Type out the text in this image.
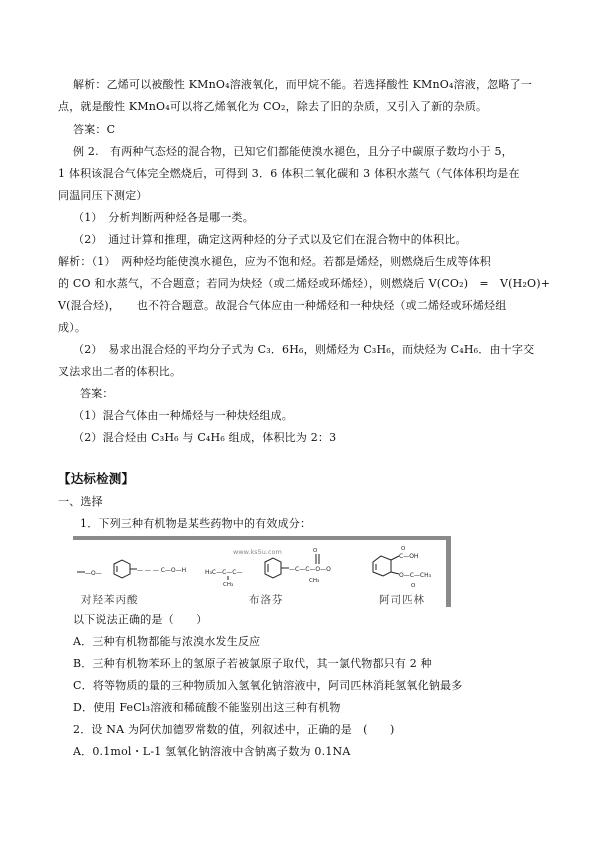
解析：乙烯可以被酸性 KMnO₄溶液氧化，而甲烷不能。若选择酸性 KMnO₄溶液，忽略了一
点，就是酸性 KMnO₄可以将乙烯氧化为 CO₂，除去了旧的杂质，又引入了新的杂质。
答案：C
例 2.　有两种气态烃的混合物，已知它们都能使溴水褪色，且分子中碳原子数均小于 5，
1 体积该混合气体完全燃烧后，可得到 3．6 体积二氧化碳和 3 体积水蒸气（气体体积均是在
同温同压下测定）
（1）　分析判断两种烃各是哪一类。
（2）　通过计算和推理，确定这两种烃的分子式以及它们在混合物中的体积比。
解析：（1）　两种烃均能使溴水褪色，应为不饱和烃。若都是烯烃，则燃烧后生成等体积
的 CO 和水蒸气，不合题意；若同为炔烃（或二烯烃或环烯烃），则燃烧后 V(CO₂)　=　V(H₂O)+
V(混合烃)，　　也不符合题意。故混合气体应由一种烯烃和一种炔烃（或二烯烃或环烯烃组
成）。
（2）　易求出混合烃的平均分子式为 C₃．6H₆，则烯烃为 C₃H₆，而炔烃为 C₄H₆．由十字交
叉法求出二者的体积比。
答案：
（1）混合气体由一种烯烃与一种炔烃组成。
（2）混合烃由 C₃H₆ 与 C₄H₆ 组成，体积比为 2：3
【达标检测】
一、选择
1．下列三种有机物是某些药物中的有效成分：
—O—	— — — C—O—H	H₃C—C—C—
CH₃
—C—C—O—O
O
CH₃
C—OH
O
O—C—CH₃
O
www.ks5u.com
对羟苯丙酸	布洛芬	阿司匹林
以下说法正确的是（　　）
A．三种有机物都能与浓溴水发生反应
B．三种有机物苯环上的氢原子若被氯原子取代，其一氯代物都只有 2 种
C．将等物质的量的三种物质加入氢氧化钠溶液中，阿司匹林消耗氢氧化钠最多
D．使用 FeCl₃溶液和稀硫酸不能鉴别出这三种有机物
2．设 NA 为阿伏加德罗常数的值，列叙述中，正确的是　(　　)
A．0.1mol・L-1 氢氧化钠溶液中含钠离子数为 0.1NA
